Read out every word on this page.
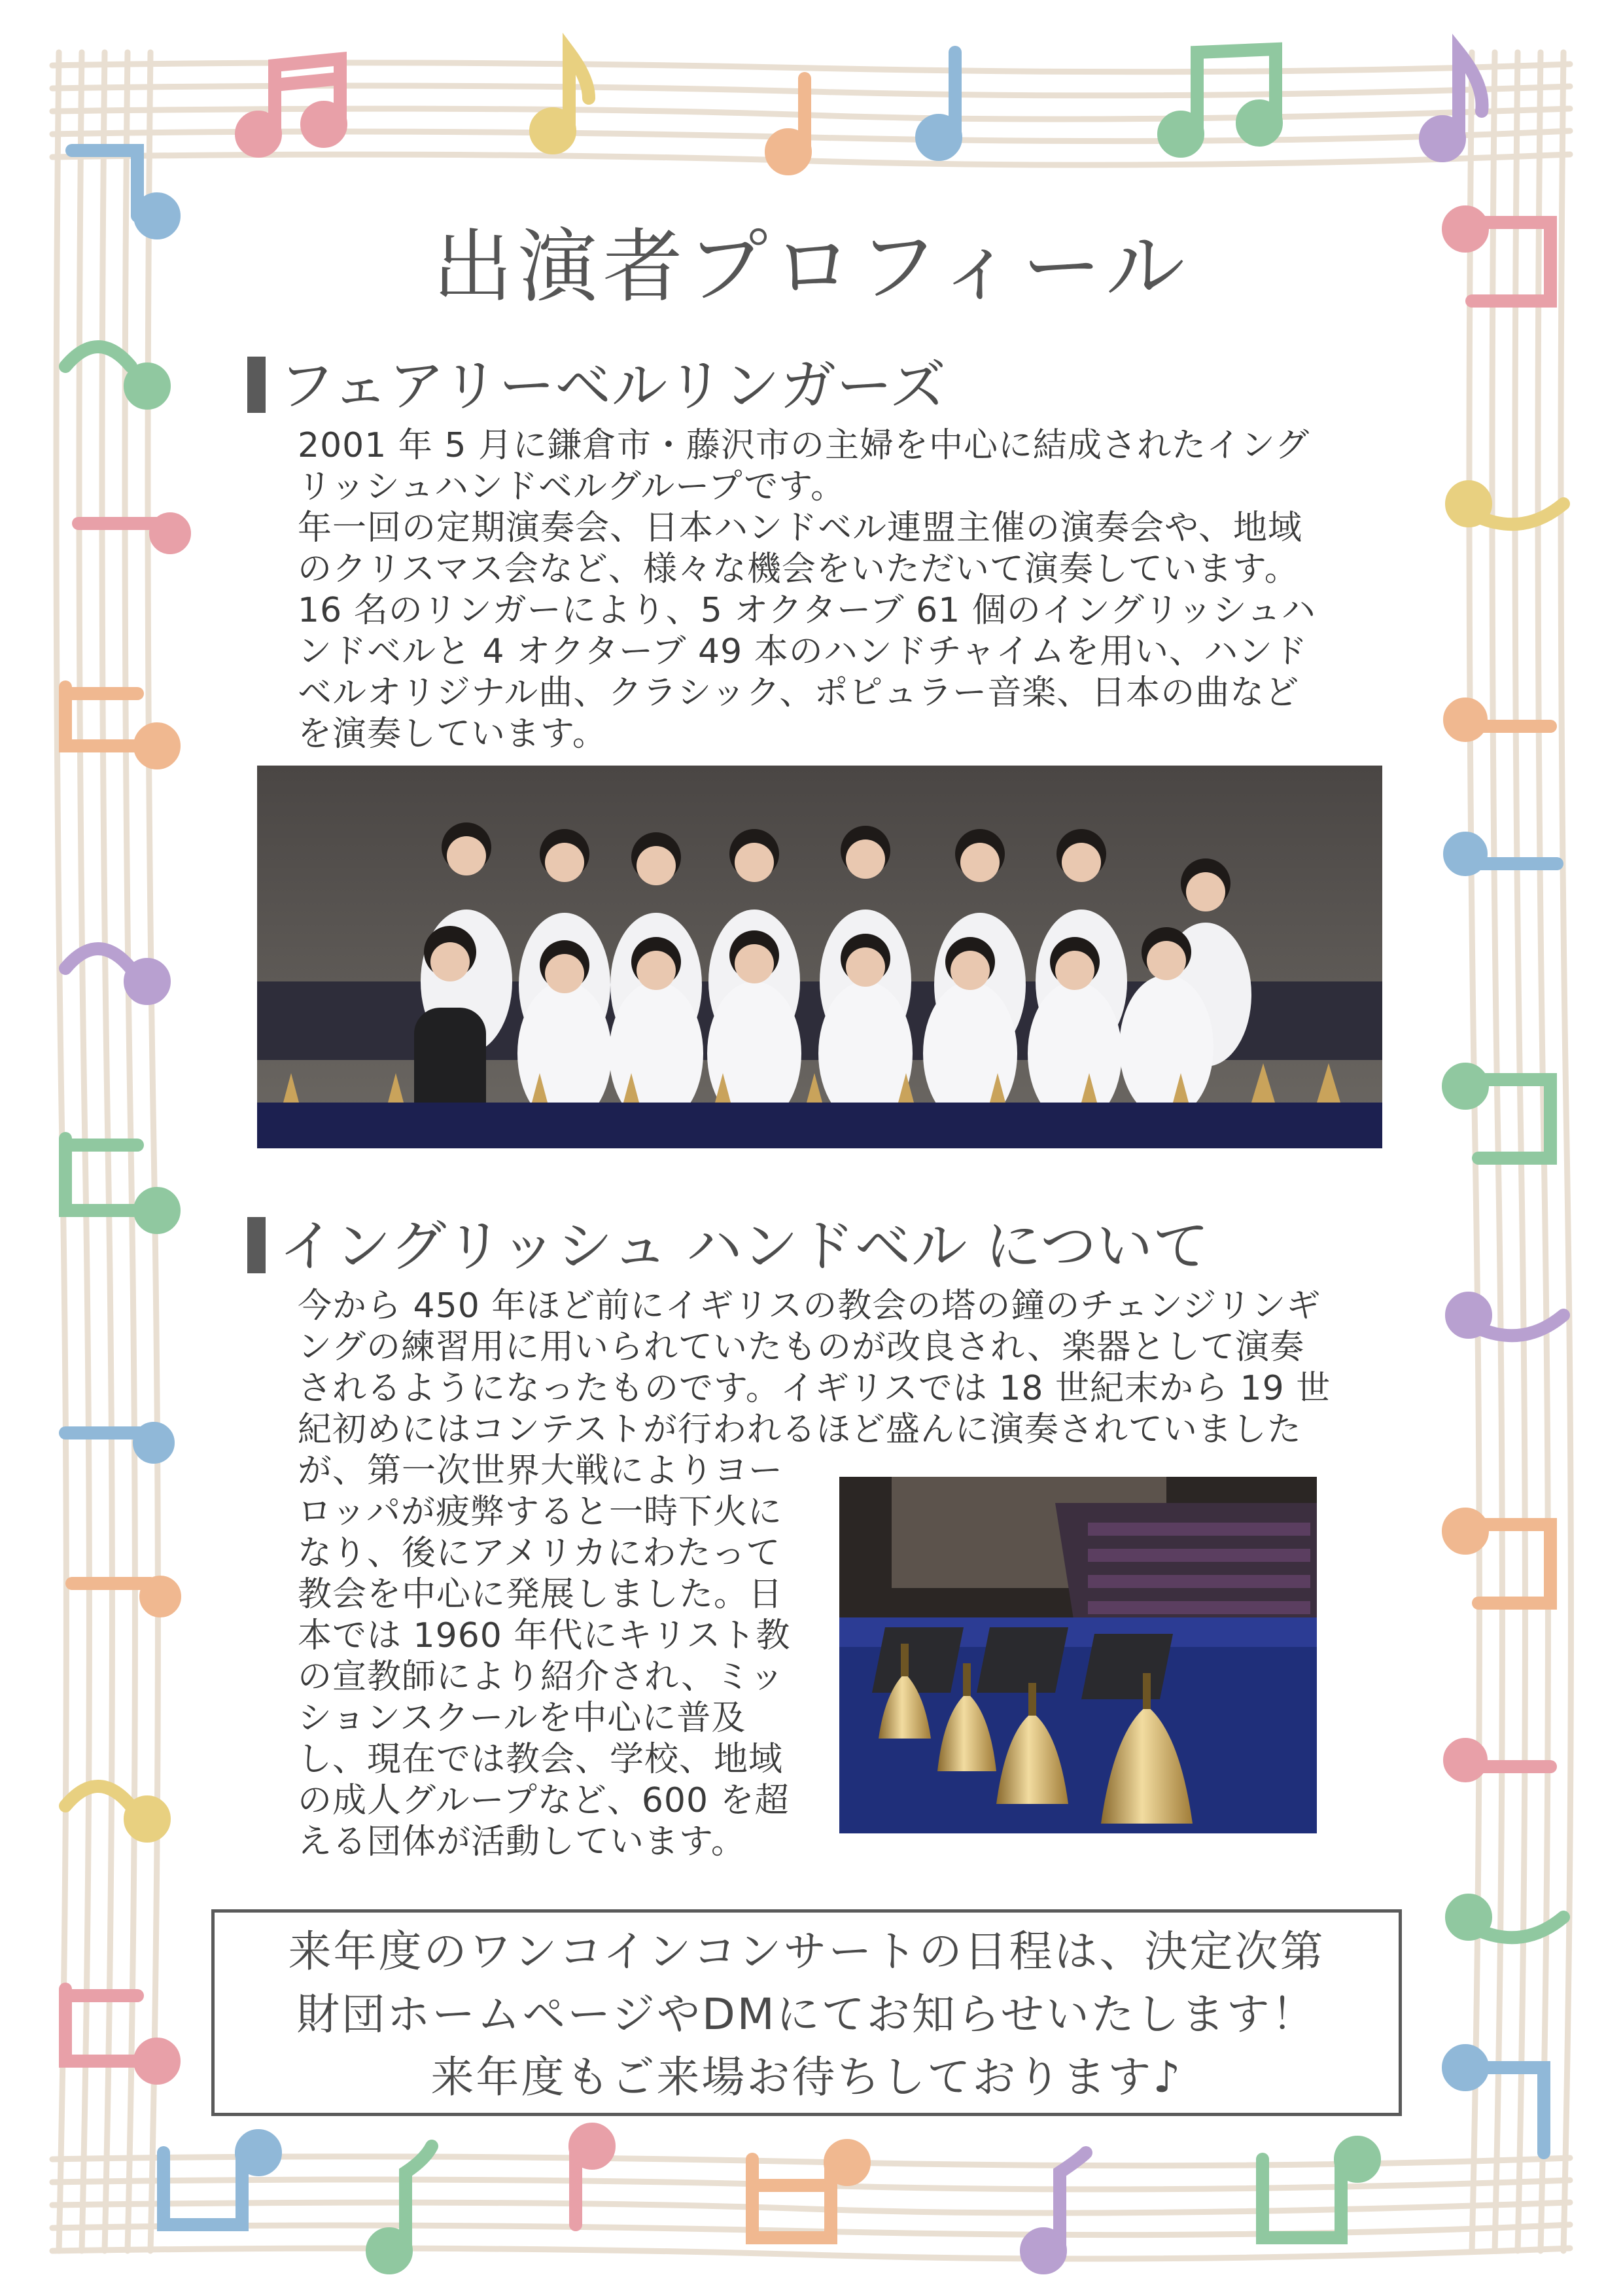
出演者プロフィール
フェアリーベルリンガーズ

2001 年 5 月に鎌倉市・藤沢市の主婦を中心に結成されたイング
リッシュハンドベルグループです。
年一回の定期演奏会、日本ハンドベル連盟主催の演奏会や、地域
のクリスマス会など、様々な機会をいただいて演奏しています。
16 名のリンガーにより、5 オクターブ 61 個のイングリッシュハ
ンドベルと 4 オクターブ 49 本のハンドチャイムを用い、ハンド
ベルオリジナル曲、クラシック、ポピュラー音楽、日本の曲など
を演奏しています。

イングリッシュ ハンドベル について

今から 450 年ほど前にイギリスの教会の塔の鐘のチェンジリンギ
ングの練習用に用いられていたものが改良され、楽器として演奏
されるようになったものです。イギリスでは 18 世紀末から 19 世
紀初めにはコンテストが行われるほど盛んに演奏されていました

が、第一次世界大戦によりヨー
ロッパが疲弊すると一時下火に
なり、後にアメリカにわたって
教会を中心に発展しました。日
本では 1960 年代にキリスト教
の宣教師により紹介され、ミッ
ションスクールを中心に普及
し、現在では教会、学校、地域
の成人グループなど、600 を超
える団体が活動しています。

来年度のワンコインコンサートの日程は、決定次第

財団ホームページやDMにてお知らせいたします！

来年度もご来場お待ちしております♪
